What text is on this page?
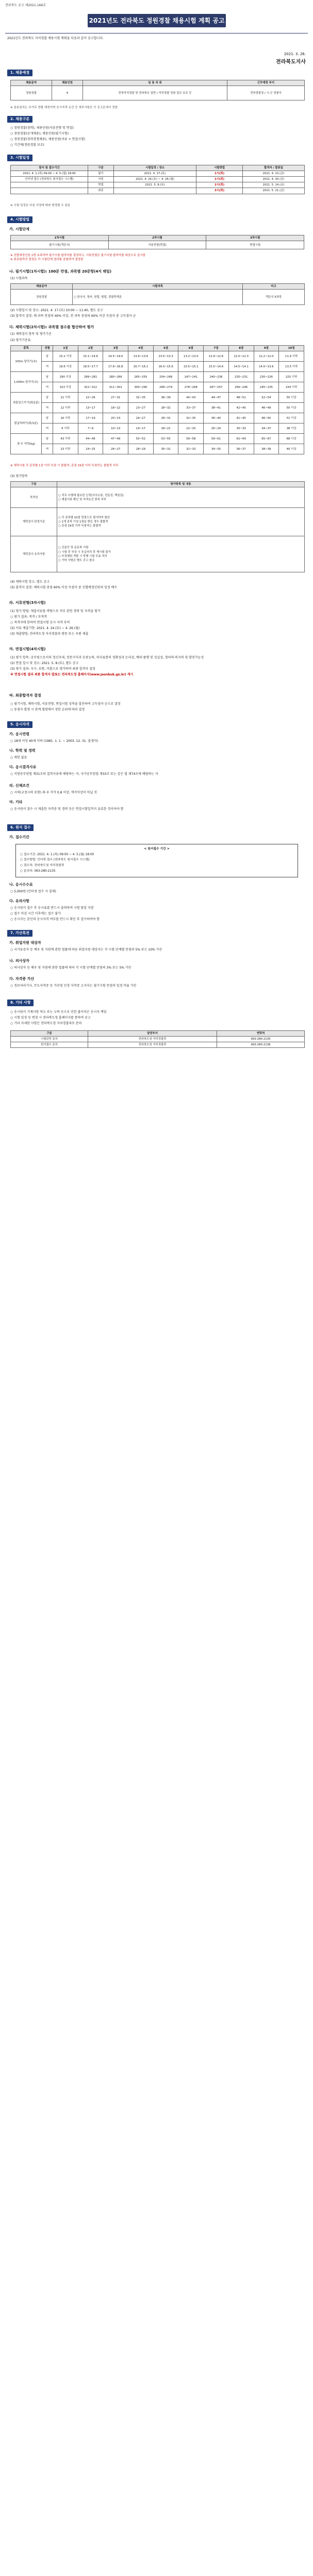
전라북도 공고 제2021-166호
2021년도 전라북도 정원경찰 채용시험 계획 공고
2021년도 전라북도 자치경찰 채용시험 계획을 다음과 같이 공고합니다.
2021. 3. 26.
전라북도지사
1. 채용예정
채용분야	채용인원	임 용 직 위	근무예정 부서
정원경찰	4	전북자치경찰 및 전라북도 일반 / 자치경찰 정원 업무 보조 등	전북경찰청 / 시·군 경찰서
※ 임용일자는 추가로 정할 예정이며 응시자격 요건 등 세부사항은 이 공고문에서 정함
2. 채용구분

○ 정원경찰(경력), 채용인원(서류전형 및 면접)

○ 정원경찰(공개채용), 채용인원(필기시험)

○ 정원경찰(경력경쟁채용), 채용인원(서류 + 면접시험)

○ 기간제(정원경찰 보조)

3. 시험일정
원서 및 접수기간	구분	시험일정 / 장소	시험방법	합격자 / 발표일
2021. 4. 1.(목) 09:00 ~ 4. 5.(월) 18:00	필기	2021. 4. 17.(토)	1시(회)	2021. 4. 23.(금)
인터넷 접수 (전라북도 원서접수 시스템)	서류	2021. 4. 24.(토) ~ 4. 26.(월)	1시(회)	2021. 4. 30.(금)
	면접	2021. 5. 8.(토)	2시(회)	2021. 5. 14.(금)
	최종		3시(회)	2021. 5. 21.(금)
※ 시험 일정은 다음 사정에 따라 변경될 수 있음
4. 시험방법
가. 시험단계
1차시험	2차시험	3차시험
필기시험(객관식)	서류전형(면접)	면접시험
※ 선발예정인원 1명 초과하여 필기시험 합격자를 결정하고, 서류전형은 필기시험 합격자를 대상으로 실시함
※ 최종합격자 결정은 각 시험단계 결과를 종합하여 결정함
나. 필기시험(1차시험): 100문 만점, 과목별 20문항(4지 택일)
(1) 시험과목
채용분야	시험과목	비고
정원경찰	○ 한국사, 영어, 헌법, 형법, 경찰학개론	객관식 5과목

(2) 시험일시 및 장소: 2021. 4. 17.(토) 10:00 ~ 11:40, 별도 공고

(3) 합격자 결정: 매 과목 만점의 40% 이상, 전 과목 총점의 60% 이상 득점자 중 고득점자 순

다. 체력시험(2차시험): 과목별 점수를 합산하여 평가
(1) 체력검사 항목 및 평가기준
(2) 평가기준표
종목	성별	1점	2점	3점	4점	5점	6점	7점	8점	9점	10점
100m 달리기(초)	남	15.2 이상	15.1~14.6	14.5~14.0	13.9~13.6	13.5~13.3	13.2~13.0	12.9~12.6	12.5~12.3	12.2~12.0	11.9 이하
	여	18.6 이상	18.5~17.7	17.6~16.8	16.7~16.1	16.0~15.6	15.5~15.1	15.0~14.6	14.5~14.1	14.0~13.6	13.5 이하
1,000m 달리기(초)	남	290 이상	289~281	280~266	265~255	254~248	247~241	240~236	235~231	230~226	225 이하
	여	323 이상	322~312	311~301	300~290	289~279	278~268	267~257	256~246	245~235	234 이하
윗몸일으키기(회/1분)	남	21 이하	22~26	27~31	32~35	36~39	40~43	44~47	48~51	52~54	55 이상
	여	12 이하	13~17	18~22	23~27	28~32	33~37	38~41	42~45	46~49	50 이상
팔굽혀펴기(회/1분)	남	16 이하	17~19	20~23	24~27	28~31	32~35	36~40	41~45	46~50	51 이상
	여	6 이하	7~9	10~13	14~17	18~21	22~25	26~29	30~33	34~37	38 이상
좌·우 악력(kg)	남	43 이하	44~46	47~49	50~52	53~55	56~58	59~61	62~64	65~67	68 이상
	여	23 이하	24~25	26~27	28~29	30~31	32~33	34~35	36~37	38~39	40 이상
※ 체력시험 각 종목별 1점 이하 득점 시 불합격, 총점 19점 이하 득점자는 불합격 처리
(3) 평가항목
구분	평가항목 및 내용
적격성	○ 직무 수행에 필요한 능력(의사소통, 전문성, 책임감)
○ 제출서류 확인 및 자격요건 충족 여부
체력검사 판정기준	○ 각 종목별 10점 만점으로 평가하여 합산
○ 1개 종목 이상 1점을 받은 경우 불합격
○ 총점 19점 이하 득점자는 불합격
체력검사 유의사항	○ 신분증 및 운동복 지참
○ 시험 중 부상 시 응급처치 후 재시험 불가
○ 부정행위 적발 시 당해 시험 무효 처리
○ 기타 사항은 별도 공고 참조

(4) 체력시험 장소: 별도 공고

(5) 합격자 결정: 체력시험 총점 60% 이상 득점자 중 선발예정인원의 일정 배수

라. 서류전형(3차시험)

(1) 평가 방법: 제출서류를 바탕으로 직무 관련 경력 및 자격을 평가

○ 평가 결과: 적격 / 부적격

○ 적격자에 한하여 면접시험 응시 자격 부여

(2) 서류 제출기한: 2021. 4. 24.(토) ~ 4. 26.(월)

(3) 제출방법: 전라북도청 자치경찰과 방문 또는 우편 제출

마. 면접시험(4차시험)

(1) 평가 항목: 공무원으로서의 정신자세, 전문지식과 응용능력, 의사표현의 정확성과 논리성, 예의·품행 및 성실성, 창의력·의지력 및 발전가능성

(2) 면접 일시 및 장소: 2021. 5. 8.(토), 별도 공고

(3) 평가 결과: 우수, 보통, 미흡으로 평가하여 최종 합격자 결정

※ 면접시험 결과 최종 합격자 발표는 전라북도청 홈페이지(www.jeonbuk.go.kr) 게시

바. 최종합격자 결정

○ 필기시험, 체력시험, 서류전형, 면접시험 성적을 합산하여 고득점자 순으로 결정

○ 동점자 발생 시 관계 법령에서 정한 순위에 따라 결정

5. 응시자격
가. 응시연령
○ 18세 이상 40세 이하 (1981. 1. 1. ~ 2003. 12. 31. 출생자)
나. 학력 및 경력
○ 제한 없음
다. 응시결격사유
○ 지방공무원법 제31조의 결격사유에 해당하는 자, 국가공무원법 제33조 또는 같은 법 제74조에 해당하는 자
라. 신체조건
○ 시력(교정시력 포함) 좌·우 각각 0.8 이상, 색각이상이 아닐 것
마. 기타
○ 응시원서 접수 시 제출한 자격증 및 경력 등은 면접시험일까지 유효한 것이어야 함
6. 원서 접수
가. 접수기간

< 원서접수 기간 >

○ 접수기간: 2021. 4. 1.(목) 09:00 ~ 4. 5.(월) 18:00

○ 접수방법: 인터넷 접수 (전라북도 원서접수 시스템)

○ 접수처: 전라북도청 자치경찰과

○ 문의처: 063-280-2135

나. 응시수수료
○ 5,000원 (인터넷 접수 시 결제)
다. 유의사항

○ 응시원서 접수 후 응시표를 반드시 출력하여 시험 당일 지참

○ 접수 마감 시간 이후에는 접수 불가

○ 응시자는 본인의 응시자격 여부를 반드시 확인 후 접수하여야 함

7. 가산특전
가. 취업지원 대상자
○ 국가유공자 등 예우 및 지원에 관한 법률에 따른 취업지원 대상자는 각 시험 단계별 만점의 5% 또는 10% 가산
나. 의사상자
○ 의사상자 등 예우 및 지원에 관한 법률에 따라 각 시험 단계별 만점의 3% 또는 5% 가산
다. 자격증 가산
○ 정보처리기사, 무도자격증 등 가산점 인정 자격증 소지자는 필기시험 만점의 일정 비율 가산
8. 기타 사항

○ 응시원서 기재사항 착오 또는 누락 등으로 인한 불이익은 응시자 책임

○ 시험 일정 등 변경 시 전라북도청 홈페이지를 통하여 공고

○ 기타 자세한 사항은 전라북도청 자치경찰과로 문의

구분	담당부서	연락처
시험관련 문의	전라북도청 자치경찰과	063-280-2135
원서접수 문의	전라북도청 자치경찰과	063-280-2136
